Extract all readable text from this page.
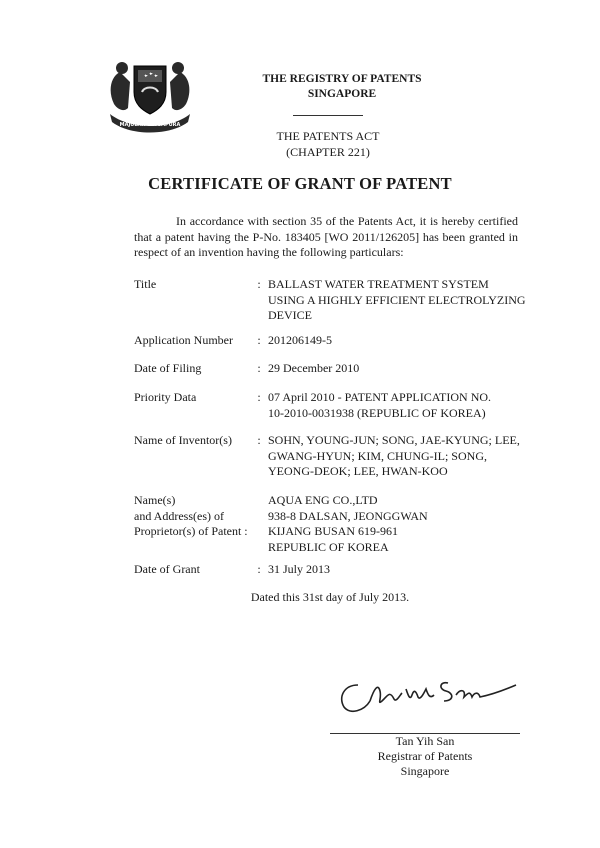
MAJULAH SINGAPURA
THE REGISTRY OF PATENTS
SINGAPORE
THE PATENTS ACT
(CHAPTER 221)
CERTIFICATE OF GRANT OF PATENT
In accordance with section 35 of the Patents Act, it is hereby certified that a patent having the P-No. 183405 [WO 2011/126205] has been granted in respect of an invention having the following particulars:
Title	: BALLAST WATER TREATMENT SYSTEM
USING A HIGHLY EFFICIENT ELECTROLYZING
DEVICE
Application Number	: 201206149-5
Date of Filing	: 29 December 2010
Priority Data	: 07 April 2010 - PATENT APPLICATION NO.
10-2010-0031938 (REPUBLIC OF KOREA)
Name of Inventor(s)	: SOHN, YOUNG-JUN; SONG, JAE-KYUNG; LEE,
GWANG-HYUN; KIM, CHUNG-IL; SONG,
YEONG-DEOK; LEE, HWAN-KOO
Name(s)
and Address(es) of
Proprietor(s) of Patent :
AQUA ENG CO.,LTD
938-8 DALSAN, JEONGGWAN
KIJANG BUSAN 619-961
REPUBLIC OF KOREA
Date of Grant	: 31 July 2013
Dated this 31st day of July 2013.
Tan Yih San
Registrar of Patents
Singapore
